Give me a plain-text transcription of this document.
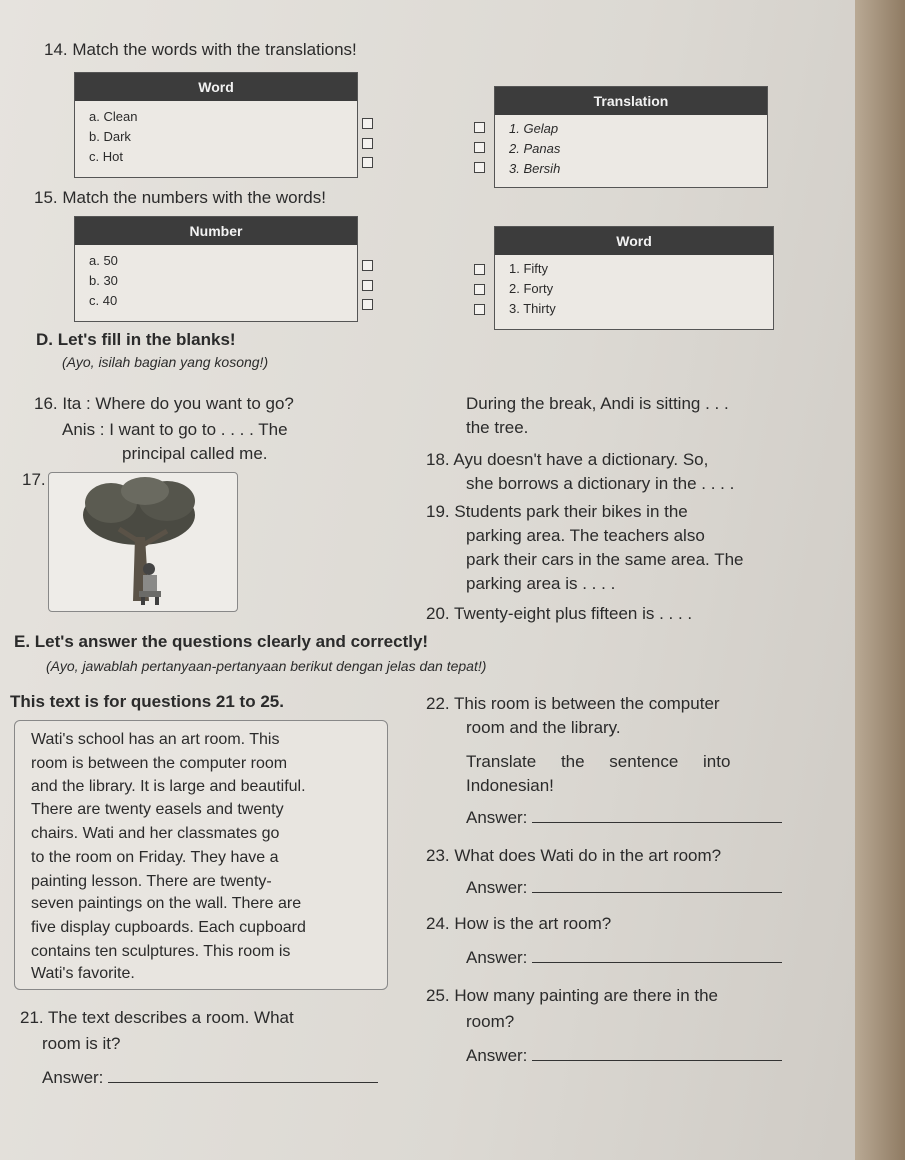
14. Match the words with the translations!
Word
a. Clean
b. Dark
c. Hot
Translation
1. Gelap
2. Panas
3. Bersih
15. Match the numbers with the words!
Number
a. 50
b. 30
c. 40
Word
1. Fifty
2. Forty
3. Thirty
D. Let's fill in the blanks!
(Ayo, isilah bagian yang kosong!)
16. Ita : Where do you want to go?
Anis : I want to go to . . . . The
principal called me.
17.
During the break, Andi is sitting . . .
the tree.
18. Ayu doesn't have a dictionary. So,
she borrows a dictionary in the . . . .
19. Students park their bikes in the
parking area. The teachers also
park their cars in the same area. The
parking area is . . . .
20. Twenty-eight plus fifteen is . . . .
E. Let's answer the questions clearly and correctly!
(Ayo, jawablah pertanyaan-pertanyaan berikut dengan jelas dan tepat!)
This text is for questions 21 to 25.
Wati's school has an art room. This
room is between the computer room
and the library. It is large and beautiful.
There are twenty easels and twenty
chairs. Wati and her classmates go
to the room on Friday. They have a
painting lesson. There are twenty-
seven paintings on the wall. There are
five display cupboards. Each cupboard
contains ten sculptures. This room is
Wati's favorite.
21. The text describes a room. What
room is it?
Answer:
22. This room is between the computer
room and the library.
Translate the sentence into
Indonesian!
Answer:
23. What does Wati do in the art room?
Answer:
24. How is the art room?
Answer:
25. How many painting are there in the
room?
Answer:
